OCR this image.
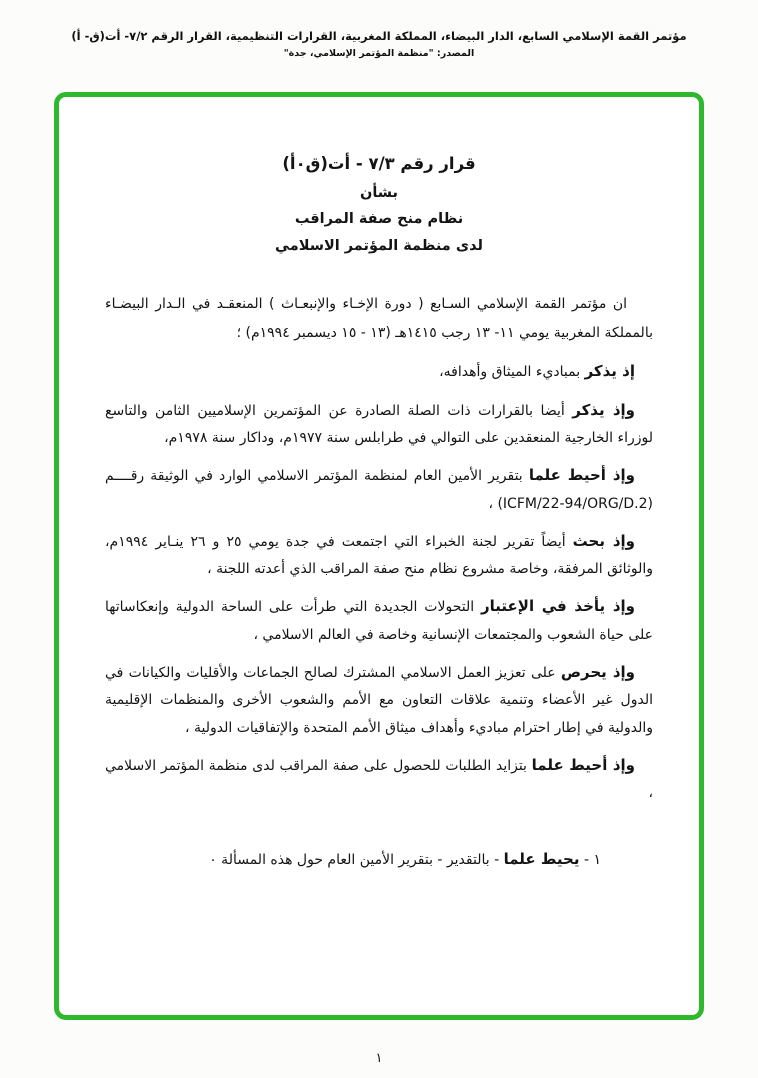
مؤتمر القمة الإسلامي السابع، الدار البيضاء، المملكة المغربية، القرارات التنظيمية، القرار الرقم ٧/٢- أت(ق- أ)
المصدر: "منظمة المؤتمر الإسلامي، جدة"
قرار رقم ٧/٣ - أت(ق٠أ)
بشأن
نظام منح صفة المراقب
لدى منظمة المؤتمر الاسلامي

ان مؤتمر القمة الإسلامي السـابع ( دورة الإخـاء والإنبعـاث ) المنعقـد في الـدار البيضـاء بالمملكة المغربية يومي ١١- ١٣ رجب ١٤١٥هـ (١٣ - ١٥ ديسمبر ١٩٩٤م) ؛

إذ يذكر بمباديء الميثاق وأهدافه،

وإذ يذكر أيضا بالقرارات ذات الصلة الصادرة عن المؤتمرين الإسلاميين الثامن والتاسع لوزراء الخارجية المنعقدين على التوالي في طرابلس سنة ١٩٧٧م، وداكار سنة ١٩٧٨م،

وإذ أحيط علما بتقرير الأمين العام لمنظمة المؤتمر الاسلامي الوارد في الوثيقة رقــــم (ICFM/22-94/ORG/D.2) ،

وإذ بحث أيضاً تقرير لجنة الخبراء التي اجتمعت في جدة يومي ٢٥ و ٢٦ ينـاير ١٩٩٤م، والوثائق المرفقة، وخاصة مشروع نظام منح صفة المراقب الذي أعدته اللجنة ،

وإذ يأخذ في الإعتبار التحولات الجديدة التي طرأت على الساحة الدولية وإنعكاساتها على حياة الشعوب والمجتمعات الإنسانية وخاصة في العالم الاسلامي ،

وإذ يحرص على تعزيز العمل الاسلامي المشترك لصالح الجماعات والأقليات والكيانات في الدول غير الأعضاء وتنمية علاقات التعاون مع الأمم والشعوب الأخرى والمنظمات الإقليمية والدولية في إطار احترام مباديء وأهداف ميثاق الأمم المتحدة والإتفاقيات الدولية ،

وإذ أحيط علما بتزايد الطلبات للحصول على صفة المراقب لدى منظمة المؤتمر الاسلامي ،

١ - يحيط علما - بالتقدير - بتقرير الأمين العام حول هذه المسألة ٠

١
